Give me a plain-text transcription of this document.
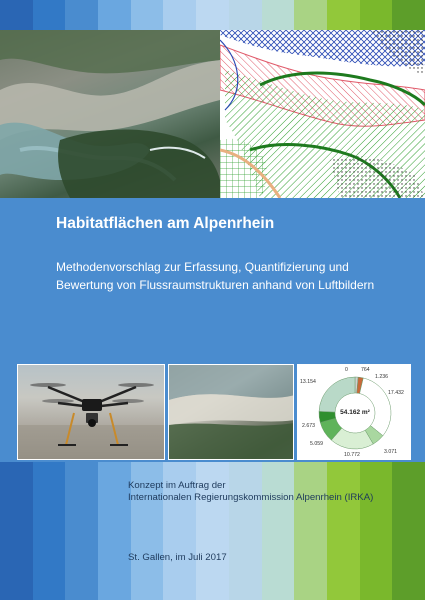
Habitatflächen am Alpenrhein
Methodenvorschlag zur Erfassung, Quantifizierung und
Bewertung von Flussraumstrukturen anhand von Luftbildern
54.162 m²
0	764
1.236
17.432
3.071
10.772
5.059
2.673
13.154
Konzept im Auftrag der
Internationalen Regierungskommission Alpenrhein (IRKA)
St. Gallen, im Juli 2017
